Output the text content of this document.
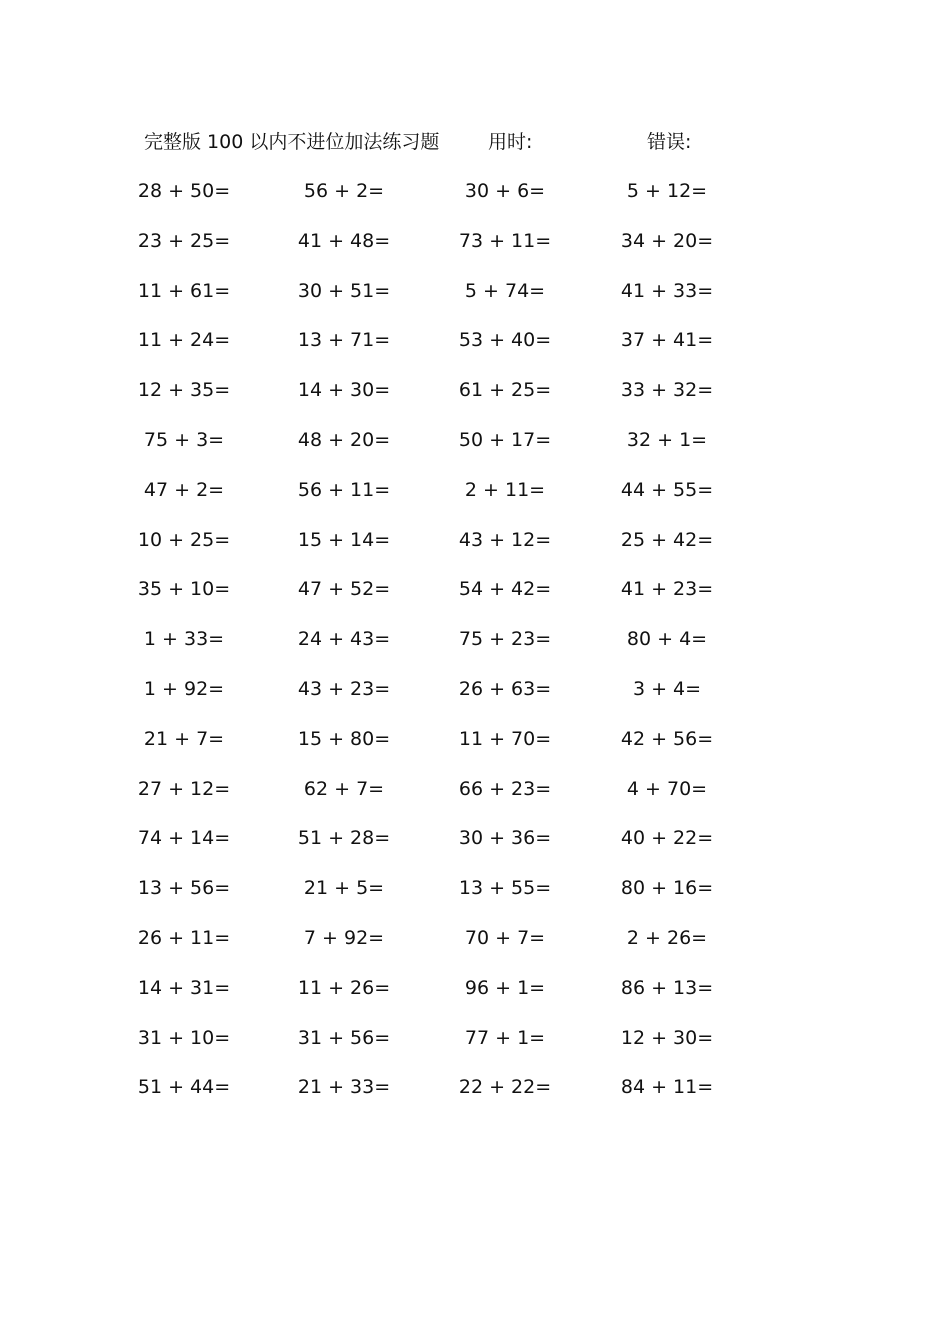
完整版 100 以内不进位加法练习题	用时:	错误:
28 + 50=	56 + 2=	30 + 6=	5 + 12=
23 + 25=	41 + 48=	73 + 11=	34 + 20=
11 + 61=	30 + 51=	5 + 74=	41 + 33=
11 + 24=	13 + 71=	53 + 40=	37 + 41=
12 + 35=	14 + 30=	61 + 25=	33 + 32=
75 + 3=	48 + 20=	50 + 17=	32 + 1=
47 + 2=	56 + 11=	2 + 11=	44 + 55=
10 + 25=	15 + 14=	43 + 12=	25 + 42=
35 + 10=	47 + 52=	54 + 42=	41 + 23=
1 + 33=	24 + 43=	75 + 23=	80 + 4=
1 + 92=	43 + 23=	26 + 63=	3 + 4=
21 + 7=	15 + 80=	11 + 70=	42 + 56=
27 + 12=	62 + 7=	66 + 23=	4 + 70=
74 + 14=	51 + 28=	30 + 36=	40 + 22=
13 + 56=	21 + 5=	13 + 55=	80 + 16=
26 + 11=	7 + 92=	70 + 7=	2 + 26=
14 + 31=	11 + 26=	96 + 1=	86 + 13=
31 + 10=	31 + 56=	77 + 1=	12 + 30=
51 + 44=	21 + 33=	22 + 22=	84 + 11=
